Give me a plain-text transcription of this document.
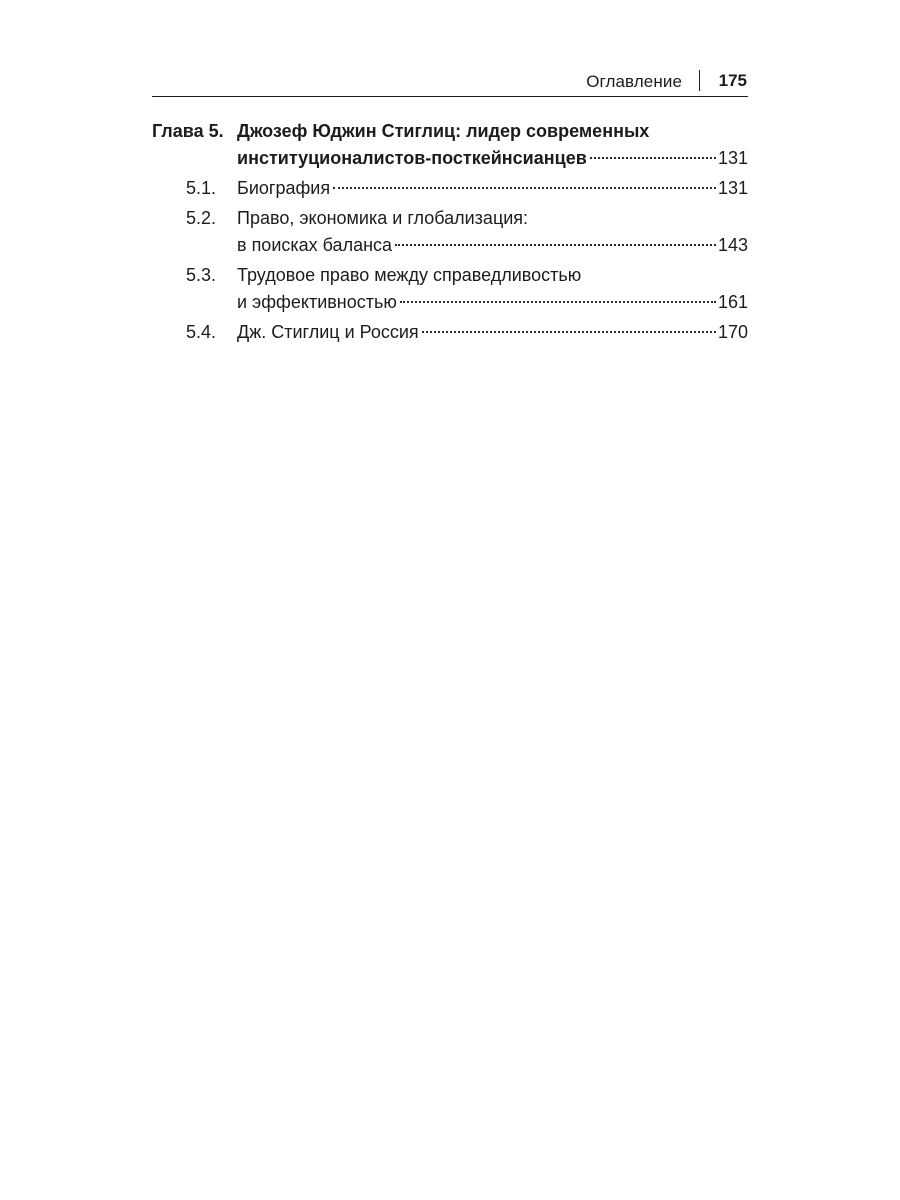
Оглавление 175
Глава 5. Джозеф Юджин Стиглиц: лидер современных
институционалистов-посткейнсианцев	131
5.1.	Биография	131
5.2.	Право, экономика и глобализация:
в поисках баланса	143
5.3.	Трудовое право между справедливостью
и эффективностью	161
5.4.	Дж. Стиглиц и Россия	170
